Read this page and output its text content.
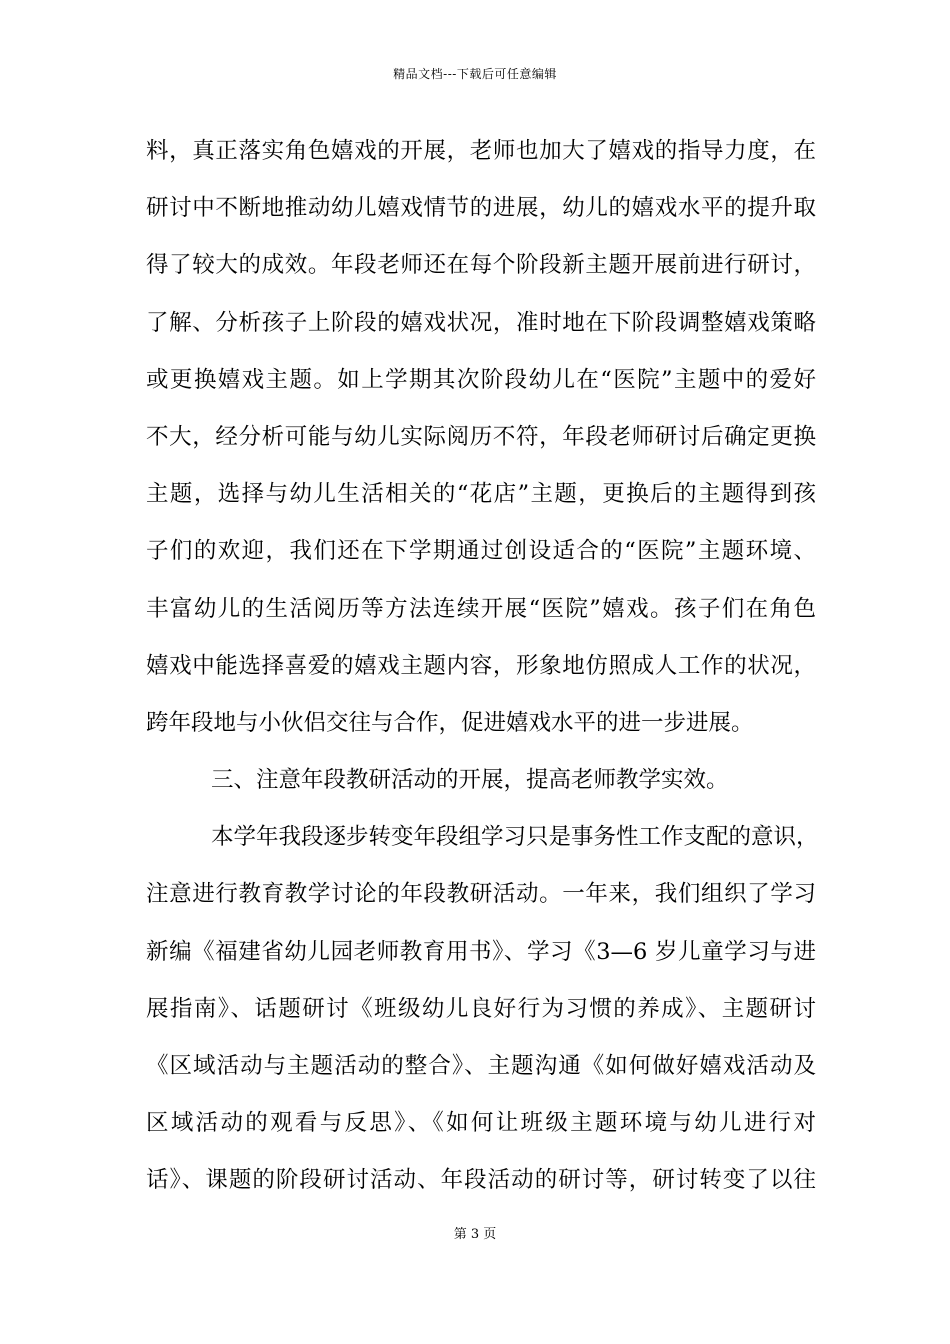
精品文档---下载后可任意编辑
料，真正落实角色嬉戏的开展，老师也加大了嬉戏的指导力度，在
研讨中不断地推动幼儿嬉戏情节的进展，幼儿的嬉戏水平的提升取
得了较大的成效。年段老师还在每个阶段新主题开展前进行研讨，
了解、分析孩子上阶段的嬉戏状况，准时地在下阶段调整嬉戏策略
或更换嬉戏主题。如上学期其次阶段幼儿在“医院”主题中的爱好
不大，经分析可能与幼儿实际阅历不符，年段老师研讨后确定更换
主题，选择与幼儿生活相关的“花店”主题，更换后的主题得到孩
子们的欢迎，我们还在下学期通过创设适合的“医院”主题环境、
丰富幼儿的生活阅历等方法连续开展“医院”嬉戏。孩子们在角色
嬉戏中能选择喜爱的嬉戏主题内容，形象地仿照成人工作的状况，
跨年段地与小伙侣交往与合作，促进嬉戏水平的进一步进展。
三、注意年段教研活动的开展，提高老师教学实效。
本学年我段逐步转变年段组学习只是事务性工作支配的意识，
注意进行教育教学讨论的年段教研活动。一年来，我们组织了学习
新编《福建省幼儿园老师教育用书》、学习《3—6 岁儿童学习与进
展指南》、话题研讨《班级幼儿良好行为习惯的养成》、主题研讨
《区域活动与主题活动的整合》、主题沟通《如何做好嬉戏活动及
区域活动的观看与反思》、《如何让班级主题环境与幼儿进行对
话》、课题的阶段研讨活动、年段活动的研讨等，研讨转变了以往
第 3 页
